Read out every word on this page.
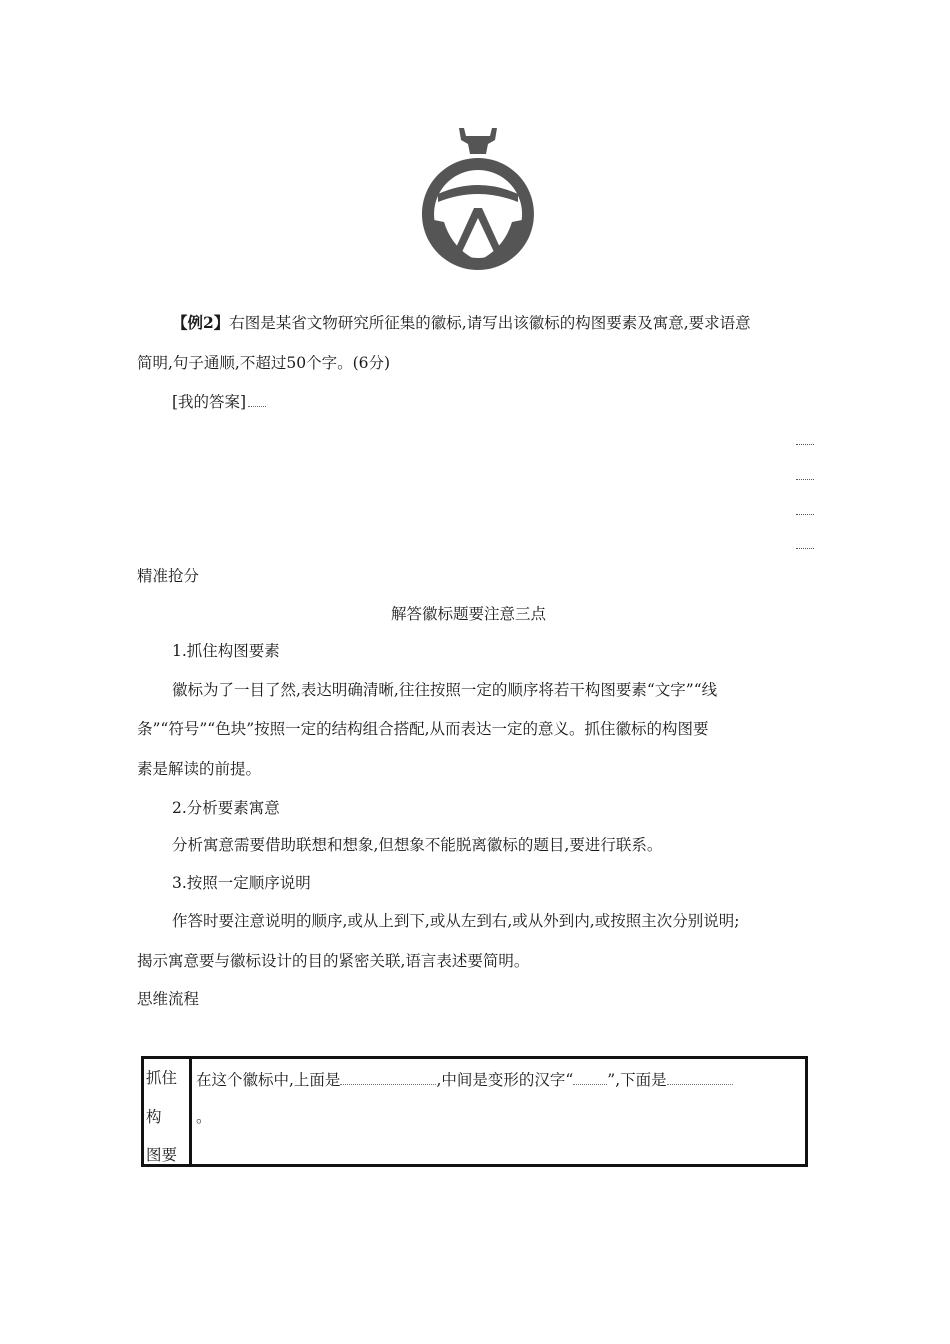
【例2】右图是某省文物研究所征集的徽标,请写出该徽标的构图要素及寓意,要求语意
简明,句子通顺,不超过50个字。(6分)
[我的答案]
精准抢分
解答徽标题要注意三点
1.抓住构图要素
徽标为了一目了然,表达明确清晰,往往按照一定的顺序将若干构图要素“文字”“线
条”“符号”“色块”按照一定的结构组合搭配,从而表达一定的意义。抓住徽标的构图要
素是解读的前提。
2.分析要素寓意
分析寓意需要借助联想和想象,但想象不能脱离徽标的题目,要进行联系。
3.按照一定顺序说明
作答时要注意说明的顺序,或从上到下,或从左到右,或从外到内,或按照主次分别说明;
揭示寓意要与徽标设计的目的紧密关联,语言表述要简明。
思维流程
抓住
构
图要
在这个徽标中,上面是	,中间是变形的汉字“ ”,下面是
。
